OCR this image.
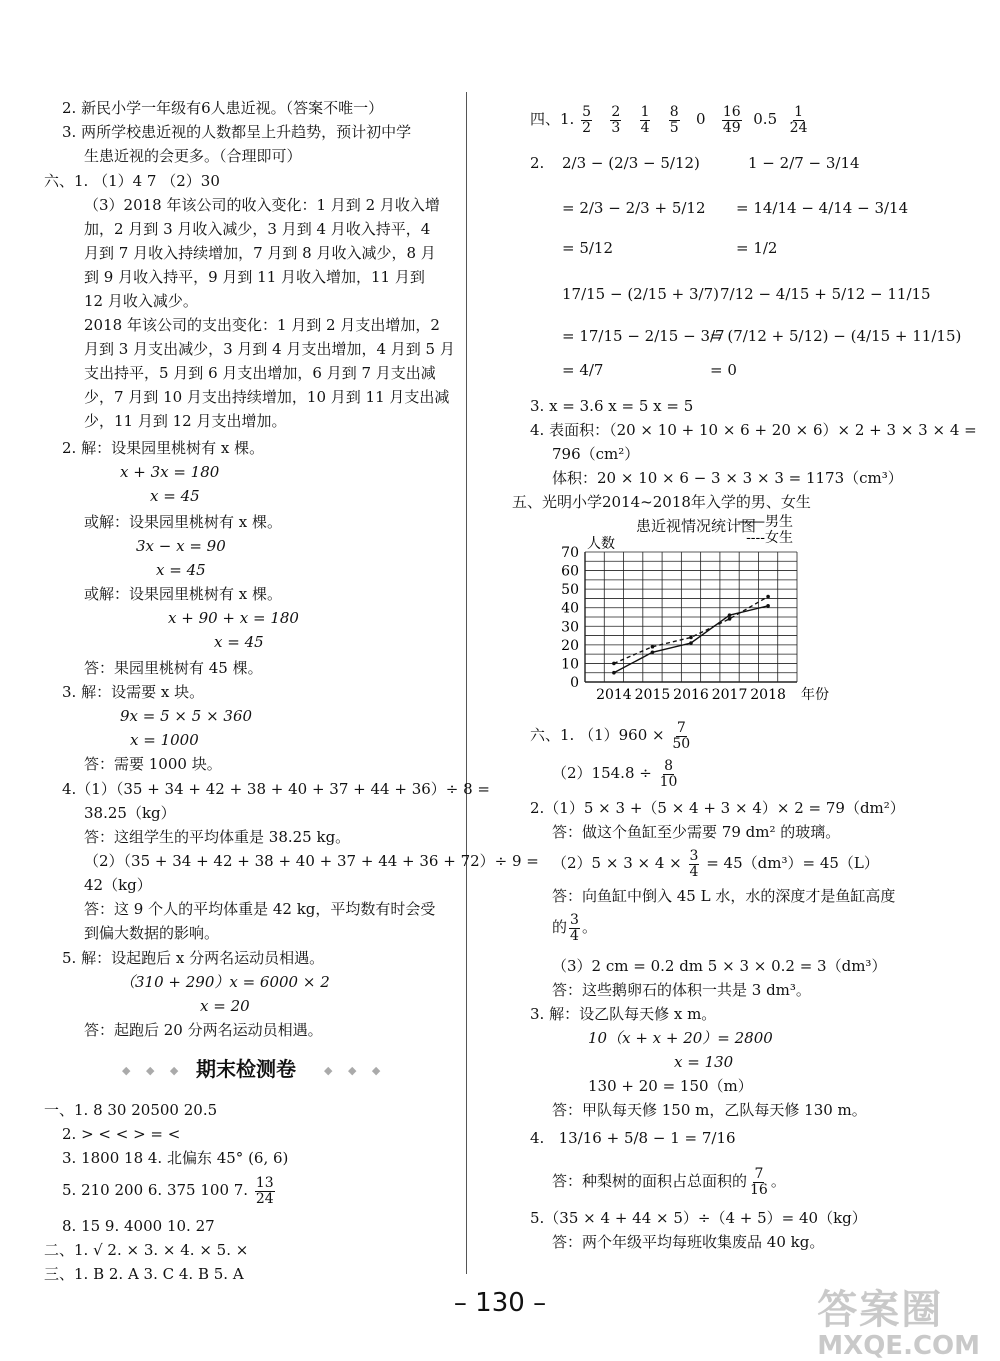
2. 新民小学一年级有6人患近视。（答案不唯一）
3. 两所学校患近视的人数都呈上升趋势，预计初中学
生患近视的会更多。（合理即可）
六、1. （1）4 7 （2）30
（3）2018 年该公司的收入变化：1 月到 2 月收入增
加，2 月到 3 月收入减少，3 月到 4 月收入持平，4
月到 7 月收入持续增加，7 月到 8 月收入减少，8 月
到 9 月收入持平，9 月到 11 月收入增加，11 月到
12 月收入减少。
2018 年该公司的支出变化：1 月到 2 月支出增加，2
月到 3 月支出减少，3 月到 4 月支出增加，4 月到 5 月
支出持平，5 月到 6 月支出增加，6 月到 7 月支出减
少，7 月到 10 月支出持续增加，10 月到 11 月支出减
少，11 月到 12 月支出增加。
2. 解：设果园里桃树有 x 棵。
x + 3x = 180
x = 45
或解：设果园里桃树有 x 棵。
3x − x = 90
x = 45
或解：设果园里桃树有 x 棵。
x + 90 + x = 180
x = 45
答：果园里桃树有 45 棵。
3. 解：设需要 x 块。
9x = 5 × 5 × 360
x = 1000
答：需要 1000 块。
4.（1）（35 + 34 + 42 + 38 + 40 + 37 + 44 + 36）÷ 8 =
38.25（kg）
答：这组学生的平均体重是 38.25 kg。
（2）（35 + 34 + 42 + 38 + 40 + 37 + 44 + 36 + 72）÷ 9 =
42（kg）
答：这 9 个人的平均体重是 42 kg，平均数有时会受
到偏大数据的影响。
5. 解：设起跑后 x 分两名运动员相遇。
（310 + 290）x = 6000 × 2
x = 20
答：起跑后 20 分两名运动员相遇。
◆ ◆ ◆ 期末检测卷	◆ ◆ ◆
一、1. 8 30 20500 20.5
2. > < < > = <
3. 1800 18 4. 北偏东 45° (6, 6)
5. 210 200 6. 375 100 7. $\frac{13}{24}$
8. 15 9. 4000 10. 27
二、1. √ 2. × 3. × 4. × 5. ×
三、1. B 2. A 3. C 4. B 5. A
四、1. $\frac{5}{2}$
$\frac{2}{3}$
$\frac{1}{4}$
$\frac{8}{5} 0 \frac{16}{49} 0.5 \frac{1}{24}$
2. 2/3 − (2/3 − 5/12)
= 2/3 − 2/3 + 5/12
= 5/12
1 − 2/7 − 3/14
= 14/14 − 4/14 − 3/14
= 1/2
17/15 − (2/15 + 3/7)
= 17/15 − 2/15 − 3/7
= 4/7
7/12 − 4/15 + 5/12 − 11/15
= (7/12 + 5/12) − (4/15 + 11/15)
= 0
3. x = 3.6 x = 5 x = 5
4. 表面积：（20 × 10 + 10 × 6 + 20 × 6）× 2 + 3 × 3 × 4 =
796（cm²）
体积：20 × 10 × 6 − 3 × 3 × 3 = 1173（cm³）
五、光明小学2014~2018年入学的男、女生
患近视情况统计图
0
10
20
30
40
50
60
70
2014 2015 2016 2017 2018 年份
人数
——男生
----女生
六、1. $(1)960 \times \frac{7}{50}$
$(2)154.8 \div \frac{8}{10}$
2.（1）5 × 3 +（5 × 4 + 3 × 4）× 2 = 79（dm²）
答：做这个鱼缸至少需要 79 dm² 的玻璃。
$(2)5 \times 3 \times 4 \times \frac{3}{4} = 45(dm^3)= 45(L)$
答：向鱼缸中倒入 45 L 水，水的深度才是鱼缸高度
的 $\frac{3}{4}$ 。
（3）2 cm = 0.2 dm 5 × 3 × 0.2 = 3（dm³）
答：这些鹅卵石的体积一共是 3 dm³。
3. 解：设乙队每天修 x m。
10（x + x + 20）= 2800
x = 130
130 + 20 = 150（m）
答：甲队每天修 150 m，乙队每天修 130 m。
4. 13/16 + 5/8 − 1 = 7/16
答：种梨树的面积占总面积的 $\frac{7}{16}$ 。
5.（35 × 4 + 44 × 5）÷（4 + 5）= 40（kg）
答：两个年级平均每班收集废品 40 kg。
– 130 –	答案圈
MXQE.COM
